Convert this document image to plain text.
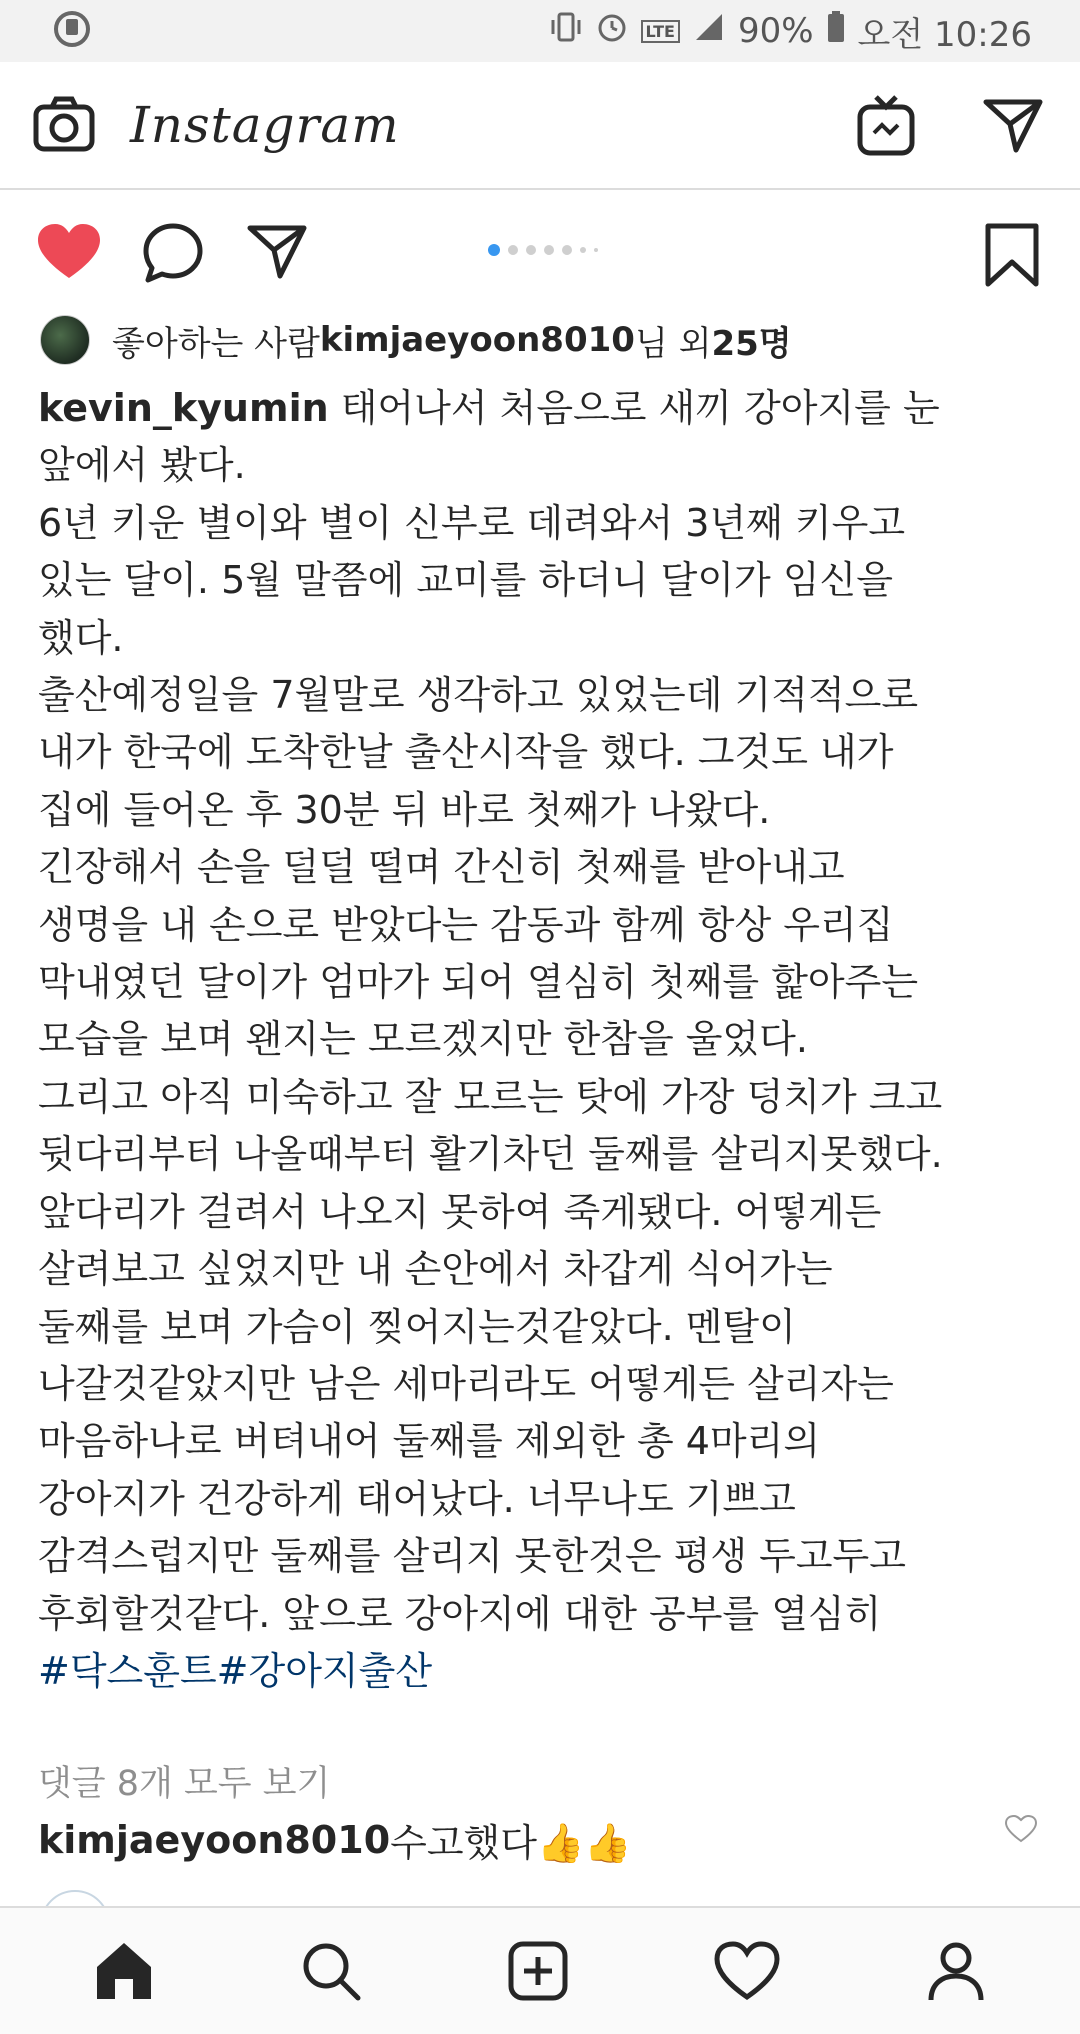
LTE 90% 오전 10:26
Instagram
좋아하는 사람 kimjaeyoon8010 님 외 25명
kevin_kyumin 태어나서 처음으로 새끼 강아지를 눈
앞에서 봤다.
6년 키운 별이와 별이 신부로 데려와서 3년째 키우고
있는 달이. 5월 말쯤에 교미를 하더니 달이가 임신을
했다.
출산예정일을 7월말로 생각하고 있었는데 기적적으로
내가 한국에 도착한날 출산시작을 했다. 그것도 내가
집에 들어온 후 30분 뒤 바로 첫째가 나왔다.
긴장해서 손을 덜덜 떨며 간신히 첫째를 받아내고
생명을 내 손으로 받았다는 감동과 함께 항상 우리집
막내였던 달이가 엄마가 되어 열심히 첫째를 핥아주는
모습을 보며 왠지는 모르겠지만 한참을 울었다.
그리고 아직 미숙하고 잘 모르는 탓에 가장 덩치가 크고
뒷다리부터 나올때부터 활기차던 둘째를 살리지못했다.
앞다리가 걸려서 나오지 못하여 죽게됐다. 어떻게든
살려보고 싶었지만 내 손안에서 차갑게 식어가는
둘째를 보며 가슴이 찢어지는것같았다. 멘탈이
나갈것같았지만 남은 세마리라도 어떻게든 살리자는
마음하나로 버텨내어 둘째를 제외한 총 4마리의
강아지가 건강하게 태어났다. 너무나도 기쁘고
감격스럽지만 둘째를 살리지 못한것은 평생 두고두고
후회할것같다. 앞으로 강아지에 대한 공부를 열심히
#닥스훈트#강아지출산
댓글 8개 모두 보기
kimjaeyoon8010 수고했다👍👍
